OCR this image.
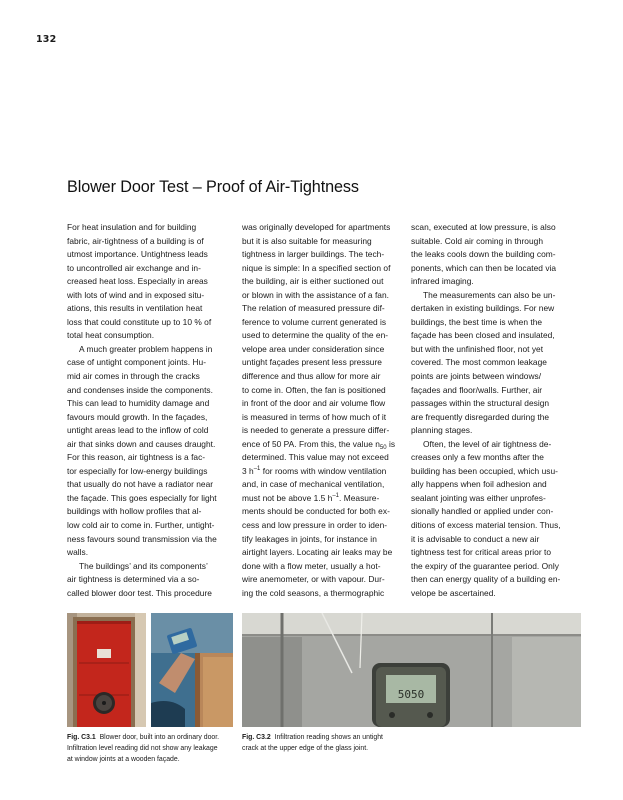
132
Blower Door Test – Proof of Air-Tightness
For heat insulation and for building
fabric, air-tightness of a building is of
utmost importance. Untightness leads
to uncontrolled air exchange and in-
creased heat loss. Especially in areas
with lots of wind and in exposed situ-
ations, this results in ventilation heat
loss that could constitute up to 10 % of
total heat consumption.
A much greater problem happens in
case of untight component joints. Hu-
mid air comes in through the cracks
and condenses inside the components.
This can lead to humidity damage and
favours mould growth. In the façades,
untight areas lead to the inflow of cold
air that sinks down and causes draught.
For this reason, air tightness is a fac-
tor especially for low-energy buildings
that usually do not have a radiator near
the façade. This goes especially for light
buildings with hollow profiles that al-
low cold air to come in. Further, untight-
ness favours sound transmission via the
walls.
The buildings’ and its components’
air tightness is determined via a so-
called blower door test. This procedure
was originally developed for apartments
but it is also suitable for measuring
tightness in larger buildings. The tech-
nique is simple: In a specified section of
the building, air is either suctioned out
or blown in with the assistance of a fan.
The relation of measured pressure dif-
ference to volume current generated is
used to determine the quality of the en-
velope area under consideration since
untight façades present less pressure
difference and thus allow for more air
to come in. Often, the fan is positioned
in front of the door and air volume flow
is measured in terms of how much of it
is needed to generate a pressure differ-
ence of 50 PA. From this, the value $n_{50}$ is
determined. This value may not exceed
3 $h^{-1}$ for rooms with window ventilation
and, in case of mechanical ventilation,
must not be above 1.5 $h^{-1}$. Measure-
ments should be conducted for both ex-
cess and low pressure in order to iden-
tify leakages in joints, for instance in
airtight layers. Locating air leaks may be
done with a flow meter, usually a hot-
wire anemometer, or with vapour. Dur-
ing the cold seasons, a thermographic
scan, executed at low pressure, is also
suitable. Cold air coming in through
the leaks cools down the building com-
ponents, which can then be located via
infrared imaging.
The measurements can also be un-
dertaken in existing buildings. For new
buildings, the best time is when the
façade has been closed and insulated,
but with the unfinished floor, not yet
covered. The most common leakage
points are joints between windows/
façades and floor/walls. Further, air
passages within the structural design
are frequently disregarded during the
planning stages.
Often, the level of air tightness de-
creases only a few months after the
building has been occupied, which usu-
ally happens when foil adhesion and
sealant jointing was either unprofes-
sionally handled or applied under con-
ditions of excess material tension. Thus,
it is advisable to conduct a new air
tightness test for critical areas prior to
the expiry of the guarantee period. Only
then can energy quality of a building en-
velope be ascertained.
5050
Fig. C3.1 Blower door, built into an ordinary door.
Infiltration level reading did not show any leakage
at window joints at a wooden façade.
Fig. C3.2 Infiltration reading shows an untight
crack at the upper edge of the glass joint.
